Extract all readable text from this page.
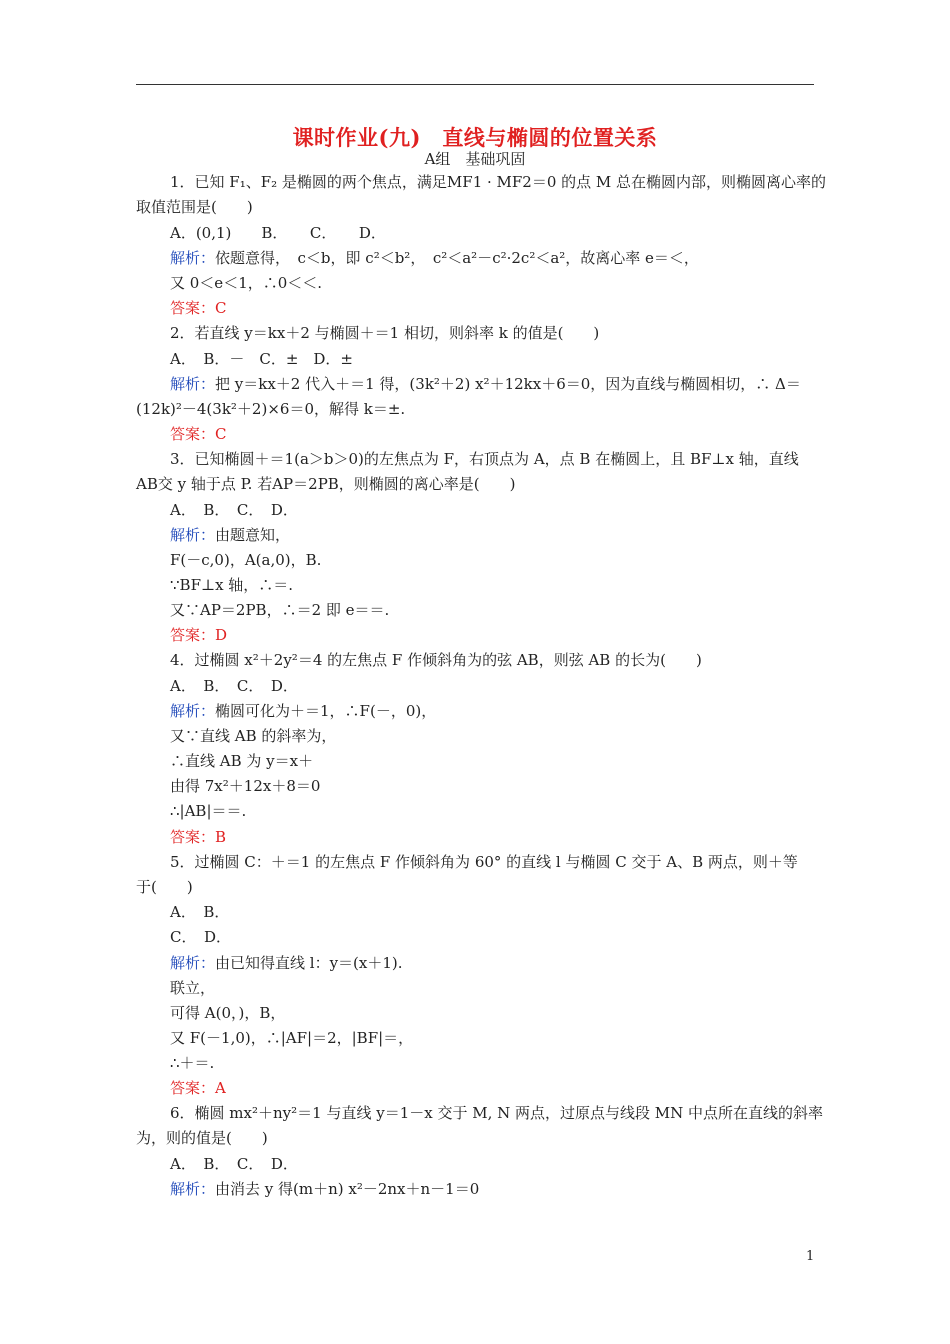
课时作业(九)　直线与椭圆的位置关系
A组　基础巩固
1．已知 F₁、F₂ 是椭圆的两个焦点，满足MF1 · MF2＝0 的点 M 总在椭圆内部，则椭圆离心率的
取值范围是(　　)
A．(0,1)　　B．　　C．　　D．
解析：依题意得，　c＜b，即 c²＜b²，　c²＜a²－c²·2c²＜a²，故离心率 e＝＜，
又 0＜e＜1，∴0＜＜.
答案：C
2．若直线 y＝kx＋2 与椭圆＋＝1 相切，则斜率 k 的值是(　　)
A．　B．－　C．±　D．±
解析：把 y＝kx＋2 代入＋＝1 得，(3k²＋2) x²＋12kx＋6＝0，因为直线与椭圆相切，∴ Δ＝
(12k)²－4(3k²＋2)×6＝0，解得 k＝±.
答案：C
3．已知椭圆＋＝1(a＞b＞0)的左焦点为 F，右顶点为 A，点 B 在椭圆上，且 BF⊥x 轴，直线
AB交 y 轴于点 P. 若AP＝2PB，则椭圆的离心率是(　　)
A．　B．　C．　D．
解析：由题意知，
F(－c,0)，A(a,0)，B.
∵BF⊥x 轴，∴＝.
又∵AP＝2PB，∴＝2 即 e＝＝.
答案：D
4．过椭圆 x²＋2y²＝4 的左焦点 F 作倾斜角为的弦 AB，则弦 AB 的长为(　　)
A．　B．　C．　D．
解析：椭圆可化为＋＝1，∴F(－，0)，
又∵直线 AB 的斜率为，
∴直线 AB 为 y＝x＋
由得 7x²＋12x＋8＝0
∴|AB|＝＝.
答案：B
5．过椭圆 C：＋＝1 的左焦点 F 作倾斜角为 60° 的直线 l 与椭圆 C 交于 A、B 两点，则＋等
于(　　)
A．　B．
C．　D．
解析：由已知得直线 l：y＝(x＋1).
联立，
可得 A(0，)，B，
又 F(－1,0)，∴|AF|＝2，|BF|＝，
∴＋＝.
答案：A
6．椭圆 mx²＋ny²＝1 与直线 y＝1－x 交于 M, N 两点，过原点与线段 MN 中点所在直线的斜率
为，则的值是(　　)
A．　B．　C．　D．
解析：由消去 y 得(m＋n) x²－2nx＋n－1＝0
1
